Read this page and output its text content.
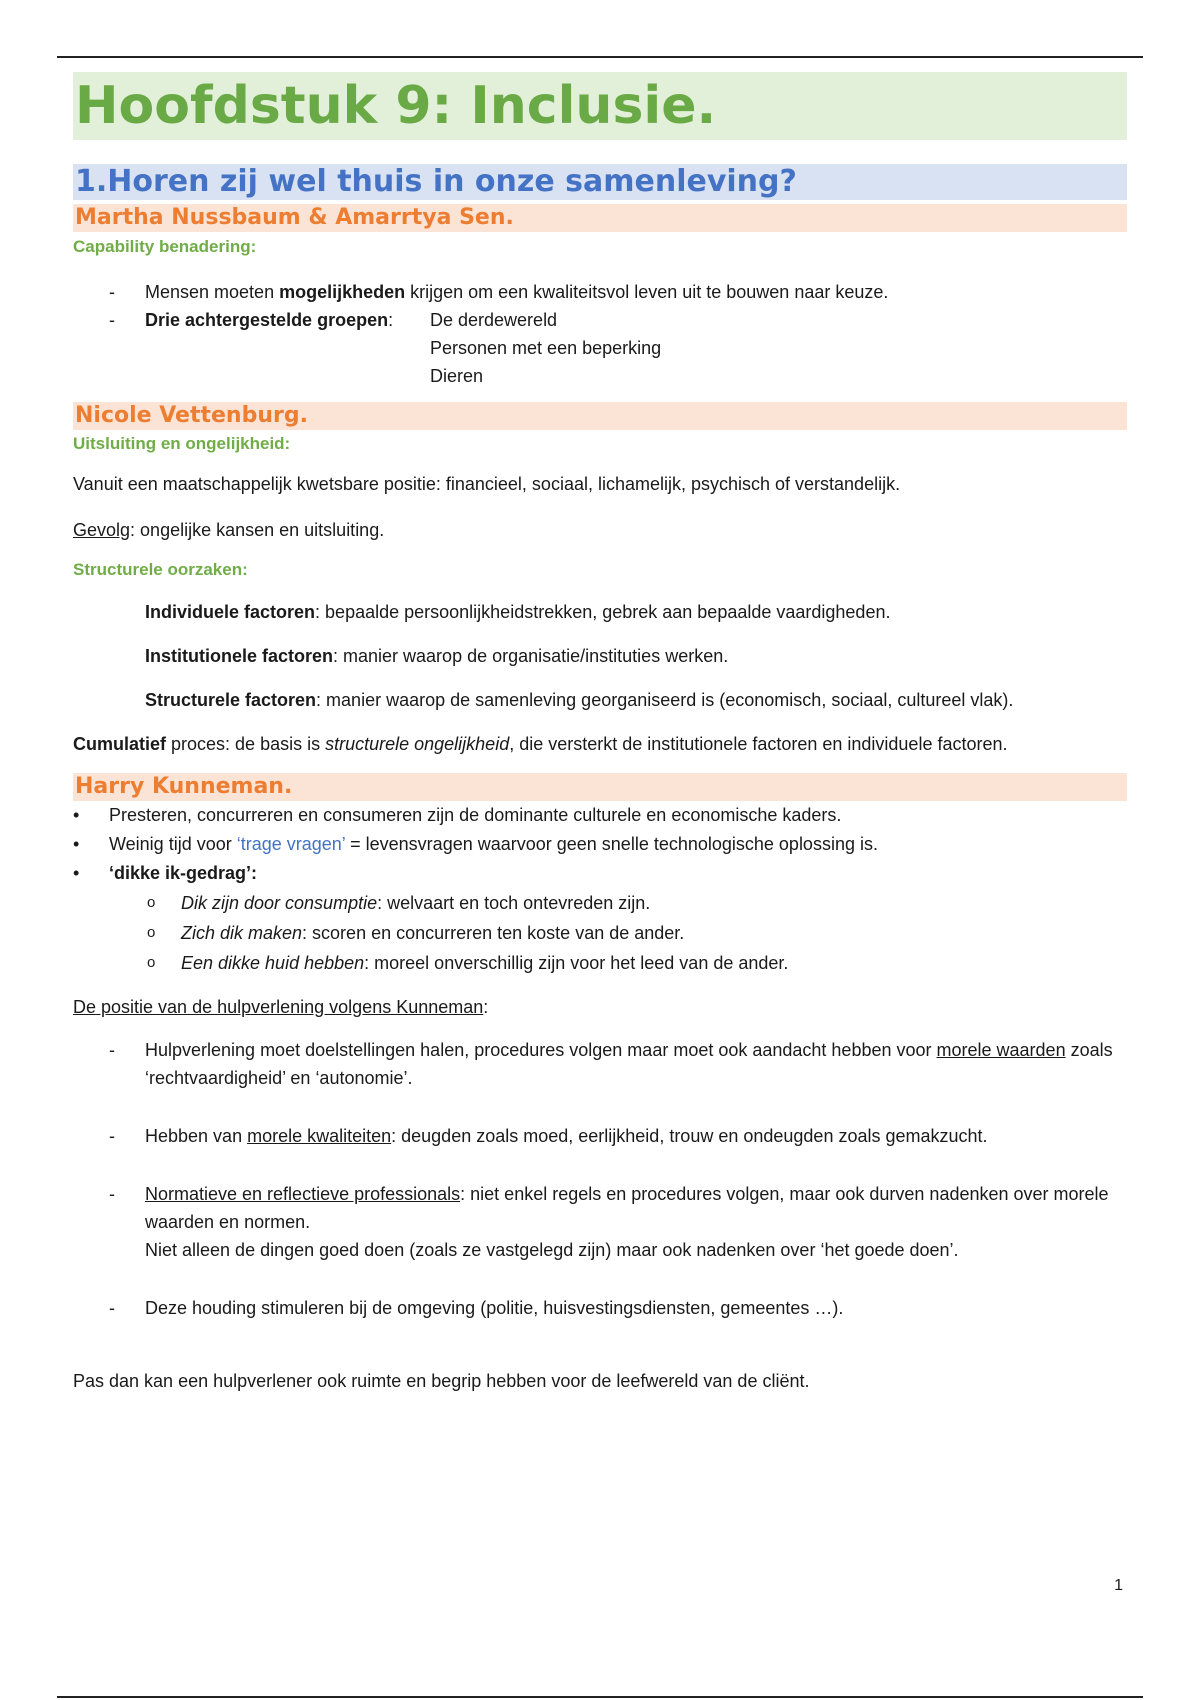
Hoofdstuk 9: Inclusie.
1.Horen zij wel thuis in onze samenleving?
Martha Nussbaum & Amarrtya Sen.
Capability benadering:
- Mensen moeten mogelijkheden krijgen om een kwaliteitsvol leven uit te bouwen naar keuze.
- Drie achtergestelde groepen: De derdewereld
Personen met een beperking
Dieren
Nicole Vettenburg.
Uitsluiting en ongelijkheid:
Vanuit een maatschappelijk kwetsbare positie: financieel, sociaal, lichamelijk, psychisch of verstandelijk.
Gevolg: ongelijke kansen en uitsluiting.
Structurele oorzaken:
Individuele factoren: bepaalde persoonlijkheidstrekken, gebrek aan bepaalde vaardigheden.
Institutionele factoren: manier waarop de organisatie/instituties werken.
Structurele factoren: manier waarop de samenleving georganiseerd is (economisch, sociaal, cultureel vlak).
Cumulatief proces: de basis is structurele ongelijkheid, die versterkt de institutionele factoren en individuele factoren.
Harry Kunneman.
• Presteren, concurreren en consumeren zijn de dominante culturele en economische kaders.
• Weinig tijd voor ‘trage vragen’ = levensvragen waarvoor geen snelle technologische oplossing is.
• ‘dikke ik-gedrag’:
o Dik zijn door consumptie: welvaart en toch ontevreden zijn.
o Zich dik maken: scoren en concurreren ten koste van de ander.
o Een dikke huid hebben: moreel onverschillig zijn voor het leed van de ander.
De positie van de hulpverlening volgens Kunneman:
- Hulpverlening moet doelstellingen halen, procedures volgen maar moet ook aandacht hebben voor morele waarden zoals ‘rechtvaardigheid’ en ‘autonomie’.
- Hebben van morele kwaliteiten: deugden zoals moed, eerlijkheid, trouw en ondeugden zoals gemakzucht.
- Normatieve en reflectieve professionals: niet enkel regels en procedures volgen, maar ook durven nadenken over morele waarden en normen.
Niet alleen de dingen goed doen (zoals ze vastgelegd zijn) maar ook nadenken over ‘het goede doen’.
- Deze houding stimuleren bij de omgeving (politie, huisvestingsdiensten, gemeentes …).
Pas dan kan een hulpverlener ook ruimte en begrip hebben voor de leefwereld van de cliënt.
1
